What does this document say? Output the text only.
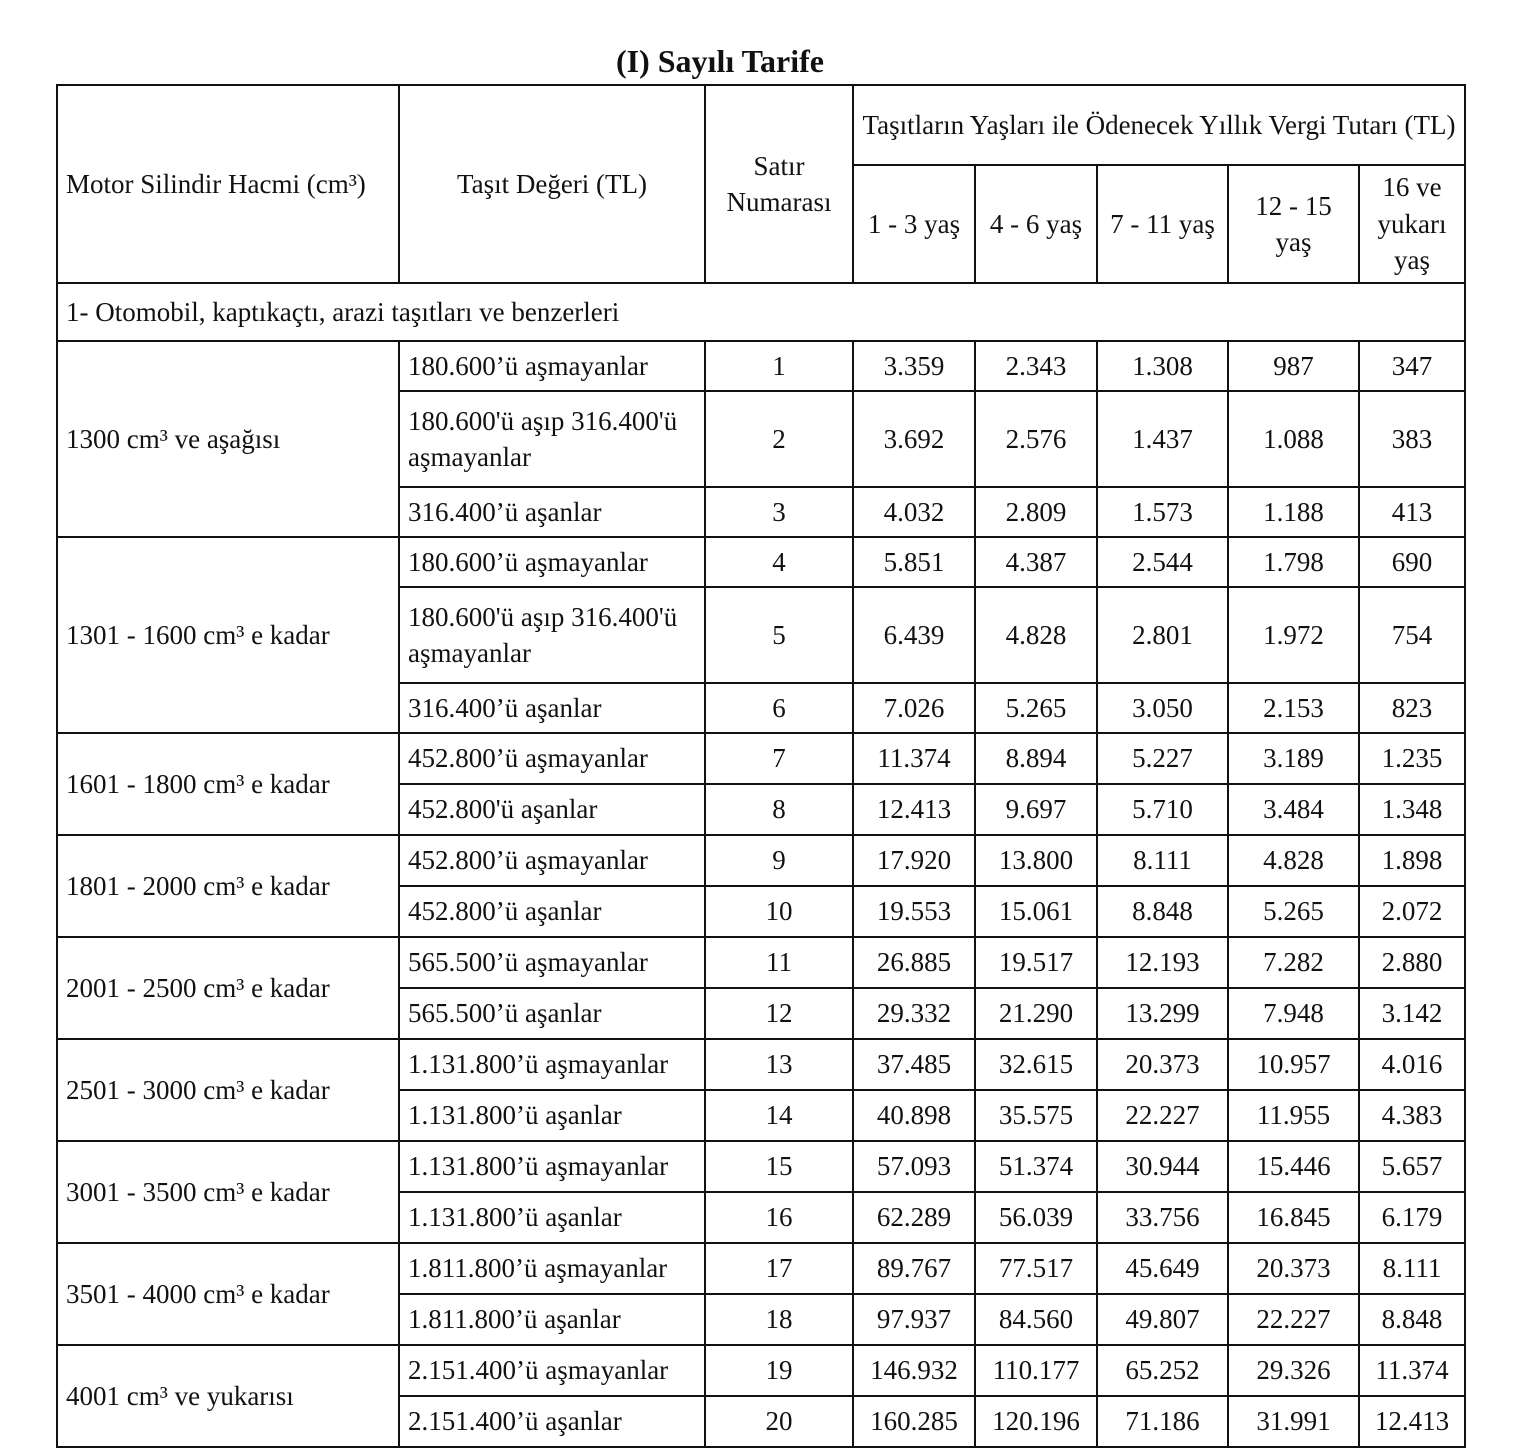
(I) Sayılı Tarife
Motor Silindir Hacmi (cm³)	Taşıt Değeri (TL)	Satır Numarası	Taşıtların Yaşları ile Ödenecek Yıllık Vergi Tutarı (TL)				
			1 - 3 yaş	4 - 6 yaş	7 - 11 yaş	12 - 15 yaş	16 ve yukarı yaş
1- Otomobil, kaptıkaçtı, arazi taşıtları ve benzerleri							
1300 cm³ ve aşağısı	180.600’ü aşmayanlar	1	3.359	2.343	1.308	987	347
	180.600'ü aşıp 316.400'ü aşmayanlar	2	3.692	2.576	1.437	1.088	383
	316.400’ü aşanlar	3	4.032	2.809	1.573	1.188	413
1301 - 1600 cm³ e kadar	180.600’ü aşmayanlar	4	5.851	4.387	2.544	1.798	690
	180.600'ü aşıp 316.400'ü aşmayanlar	5	6.439	4.828	2.801	1.972	754
	316.400’ü aşanlar	6	7.026	5.265	3.050	2.153	823
1601 - 1800 cm³ e kadar	452.800’ü aşmayanlar	7	11.374	8.894	5.227	3.189	1.235
	452.800'ü aşanlar	8	12.413	9.697	5.710	3.484	1.348
1801 - 2000 cm³ e kadar	452.800’ü aşmayanlar	9	17.920	13.800	8.111	4.828	1.898
	452.800’ü aşanlar	10	19.553	15.061	8.848	5.265	2.072
2001 - 2500 cm³ e kadar	565.500’ü aşmayanlar	11	26.885	19.517	12.193	7.282	2.880
	565.500’ü aşanlar	12	29.332	21.290	13.299	7.948	3.142
2501 - 3000 cm³ e kadar	1.131.800’ü aşmayanlar	13	37.485	32.615	20.373	10.957	4.016
	1.131.800’ü aşanlar	14	40.898	35.575	22.227	11.955	4.383
3001 - 3500 cm³ e kadar	1.131.800’ü aşmayanlar	15	57.093	51.374	30.944	15.446	5.657
	1.131.800’ü aşanlar	16	62.289	56.039	33.756	16.845	6.179
3501 - 4000 cm³ e kadar	1.811.800’ü aşmayanlar	17	89.767	77.517	45.649	20.373	8.111
	1.811.800’ü aşanlar	18	97.937	84.560	49.807	22.227	8.848
4001 cm³ ve yukarısı	2.151.400’ü aşmayanlar	19	146.932	110.177	65.252	29.326	11.374
	2.151.400’ü aşanlar	20	160.285	120.196	71.186	31.991	12.413
